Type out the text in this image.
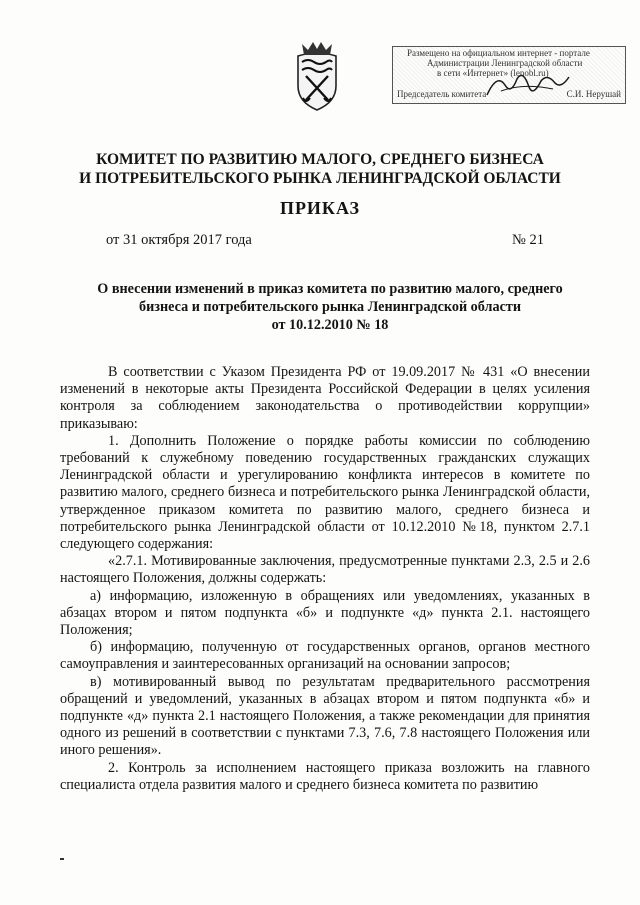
Размещено на официальном интернет - портале
Администрации Ленинградской области
в сети «Интернет» (lenobl.ru)
Председатель комитета	С.И. Нерушай
КОМИТЕТ ПО РАЗВИТИЮ МАЛОГО, СРЕДНЕГО БИЗНЕСА
И ПОТРЕБИТЕЛЬСКОГО РЫНКА ЛЕНИНГРАДСКОЙ ОБЛАСТИ
ПРИКАЗ
от 31 октября 2017 года	№ 21
О внесении изменений в приказ комитета по развитию малого, среднего
бизнеса и потребительского рынка Ленинградской области
от 10.12.2010 № 18

В соответствии с Указом Президента РФ от 19.09.2017 № 431 «О внесении изменений в некоторые акты Президента Российской Федерации в целях усиления контроля за соблюдением законодательства о противодействии коррупции» приказываю:

1. Дополнить Положение о порядке работы комиссии по соблюдению требований к служебному поведению государственных гражданских служащих Ленинградской области и урегулированию конфликта интересов в комитете по развитию малого, среднего бизнеса и потребительского рынка Ленинградской области, утвержденное приказом комитета по развитию малого, среднего бизнеса и потребительского рынка Ленинградской области от 10.12.2010 №18, пунктом 2.7.1 следующего содержания:

«2.7.1. Мотивированные заключения, предусмотренные пунктами 2.3, 2.5 и 2.6 настоящего Положения, должны содержать:

а) информацию, изложенную в обращениях или уведомлениях, указанных в абзацах втором и пятом подпункта «б» и подпункте «д» пункта 2.1. настоящего Положения;

б) информацию, полученную от государственных органов, органов местного самоуправления и заинтересованных организаций на основании запросов;

в) мотивированный вывод по результатам предварительного рассмотрения обращений и уведомлений, указанных в абзацах втором и пятом подпункта «б» и подпункте «д» пункта 2.1 настоящего Положения, а также рекомендации для принятия одного из решений в соответствии с пунктами 7.3, 7.6, 7.8 настоящего Положения или иного решения».

2. Контроль за исполнением настоящего приказа возложить на главного специалиста отдела развития малого и среднего бизнеса комитета по развитию
